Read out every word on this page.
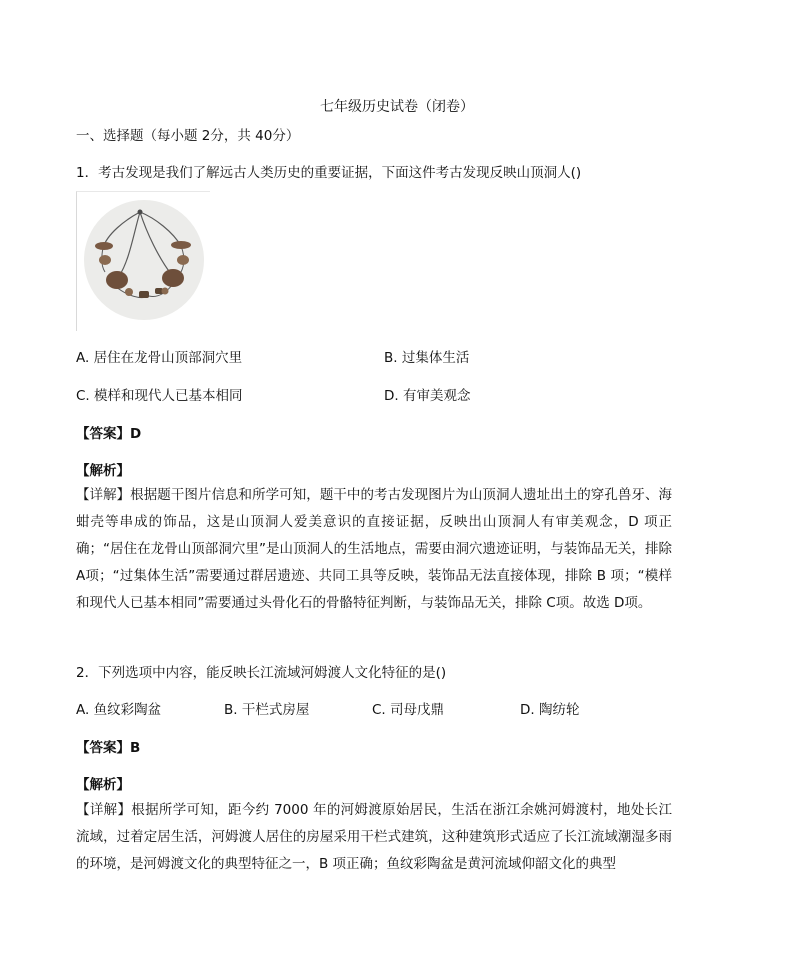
七年级历史试卷（闭卷）
一、选择题（每小题 2分，共 40分）
1．考古发现是我们了解远古人类历史的重要证据，下面这件考古发现反映山顶洞人()
A. 居住在龙骨山顶部洞穴里	B. 过集体生活
C. 模样和现代人已基本相同	D. 有审美观念
【答案】D
【解析】
【详解】根据题干图片信息和所学可知，题干中的考古发现图片为山顶洞人遗址出土的穿孔兽牙、海蚶壳等串成的饰品，这是山顶洞人爱美意识的直接证据，反映出山顶洞人有审美观念，D 项正确；“居住在龙骨山顶部洞穴里”是山顶洞人的生活地点，需要由洞穴遗迹证明，与装饰品无关，排除 A项；“过集体生活”需要通过群居遗迹、共同工具等反映，装饰品无法直接体现，排除 B 项；“模样和现代人已基本相同”需要通过头骨化石的骨骼特征判断，与装饰品无关，排除 C项。故选 D项。
2．下列选项中内容，能反映长江流域河姆渡人文化特征的是()
A. 鱼纹彩陶盆	B. 干栏式房屋	C. 司母戊鼎	D. 陶纺轮
【答案】B
【解析】
【详解】根据所学可知，距今约 7000 年的河姆渡原始居民，生活在浙江余姚河姆渡村，地处长江流域，过着定居生活，河姆渡人居住的房屋采用干栏式建筑，这种建筑形式适应了长江流域潮湿多雨的环境，是河姆渡文化的典型特征之一，B 项正确；鱼纹彩陶盆是黄河流域仰韶文化的典型
